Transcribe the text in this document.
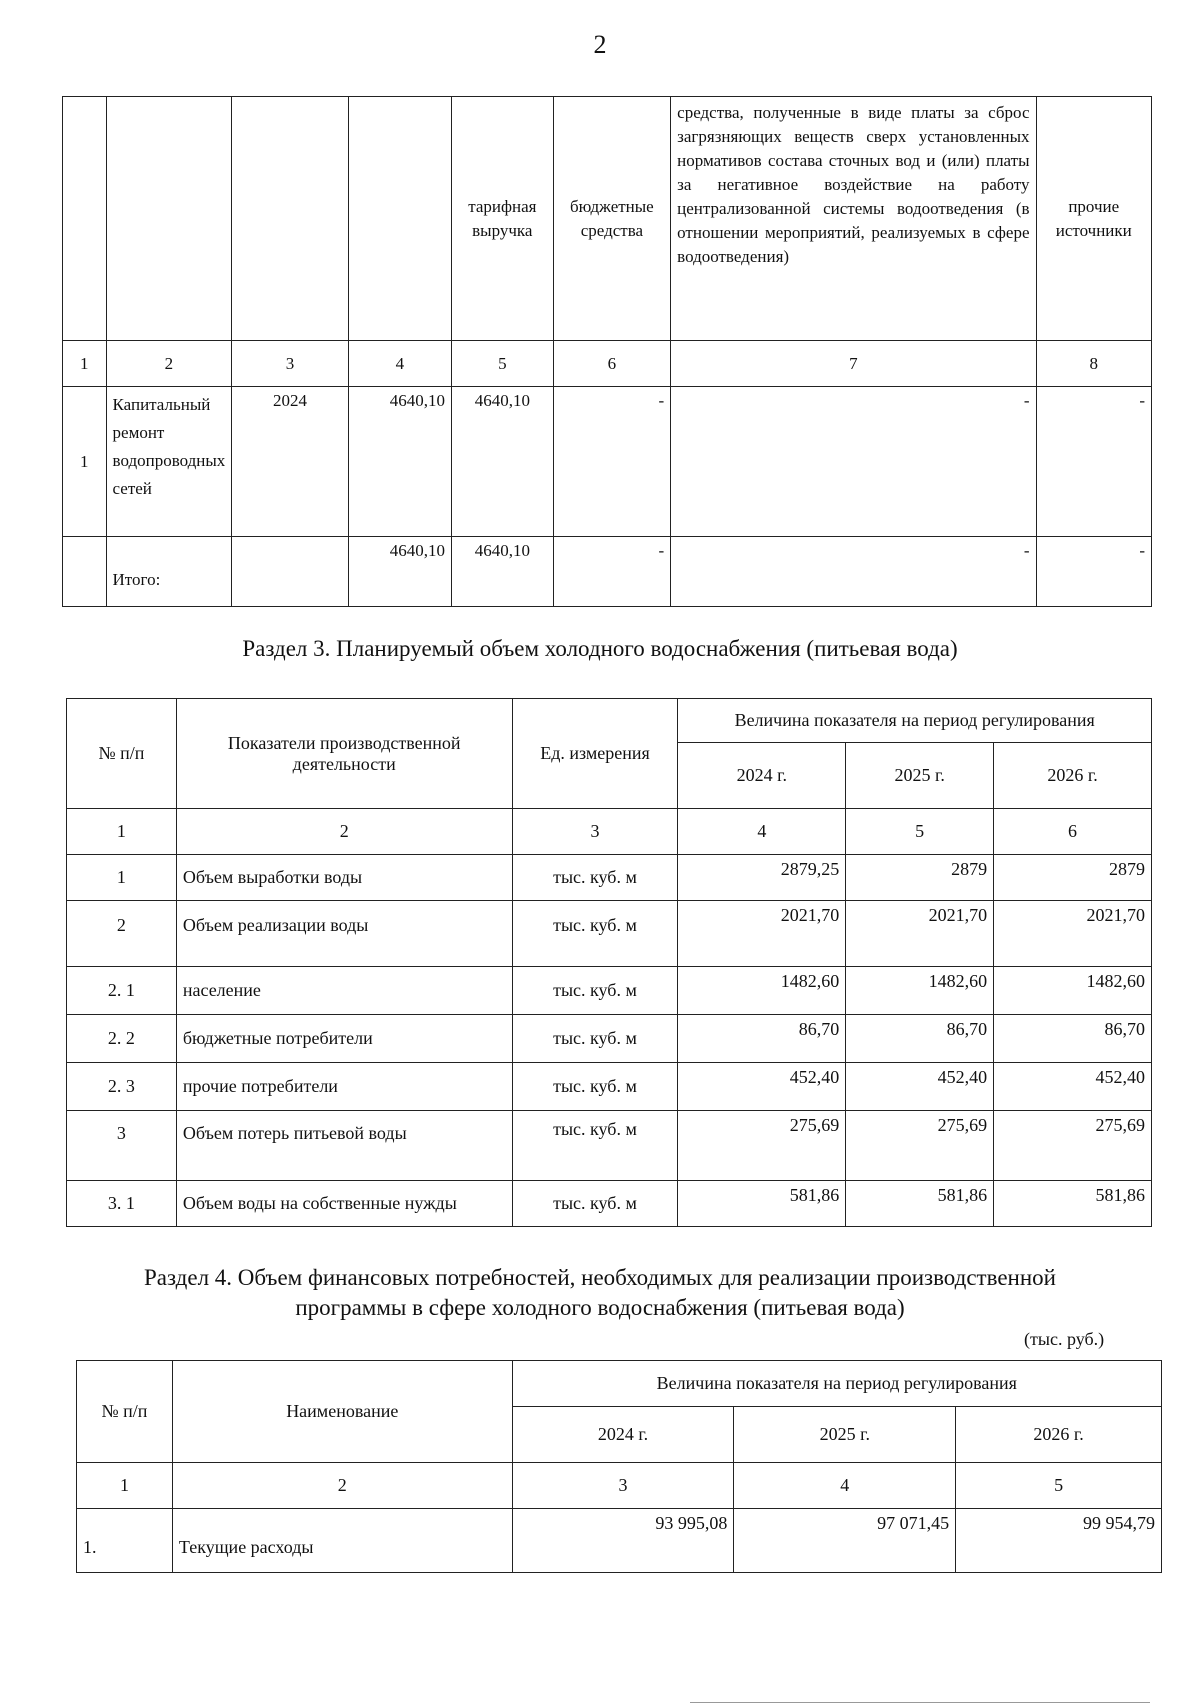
2
				тарифная выручка	бюджетные средства	средства, полученные в виде платы за сброс загрязняющих веществ сверх установленных нормативов состава сточных вод и (или) платы за негативное воздействие на работу централизованной системы водоотведения (в отношении мероприятий, реализуемых в сфере водоотведения)	прочие источники
1	2	3	4	5	6	7	8
1	Капитальный ремонт водопроводных сетей	2024	4640,10	4640,10	-	-	-
	Итого:		4640,10	4640,10	-	-	-
Раздел 3. Планируемый объем холодного водоснабжения (питьевая вода)
№ п/п	Показатели производственной деятельности	Ед. измерения	Величина показателя на период регулирования		
			2024 г.	2025 г.	2026 г.
1	2	3	4	5	6
1	Объем выработки воды	тыс. куб. м	2879,25	2879	2879
2	Объем реализации воды	тыс. куб. м	2021,70	2021,70	2021,70
2. 1	население	тыс. куб. м	1482,60	1482,60	1482,60
2. 2	бюджетные потребители	тыс. куб. м	86,70	86,70	86,70
2. 3	прочие потребители	тыс. куб. м	452,40	452,40	452,40
3	Объем потерь питьевой воды	тыс. куб. м	275,69	275,69	275,69
3. 1	Объем воды на собственные нужды	тыс. куб. м	581,86	581,86	581,86
Раздел 4. Объем финансовых потребностей, необходимых для реализации производственной
программы в сфере холодного водоснабжения (питьевая вода)
(тыс. руб.)
№ п/п	Наименование	Величина показателя на период регулирования		
		2024 г.	2025 г.	2026 г.
1	2	3	4	5
1.	Текущие расходы	93 995,08	97 071,45	99 954,79
